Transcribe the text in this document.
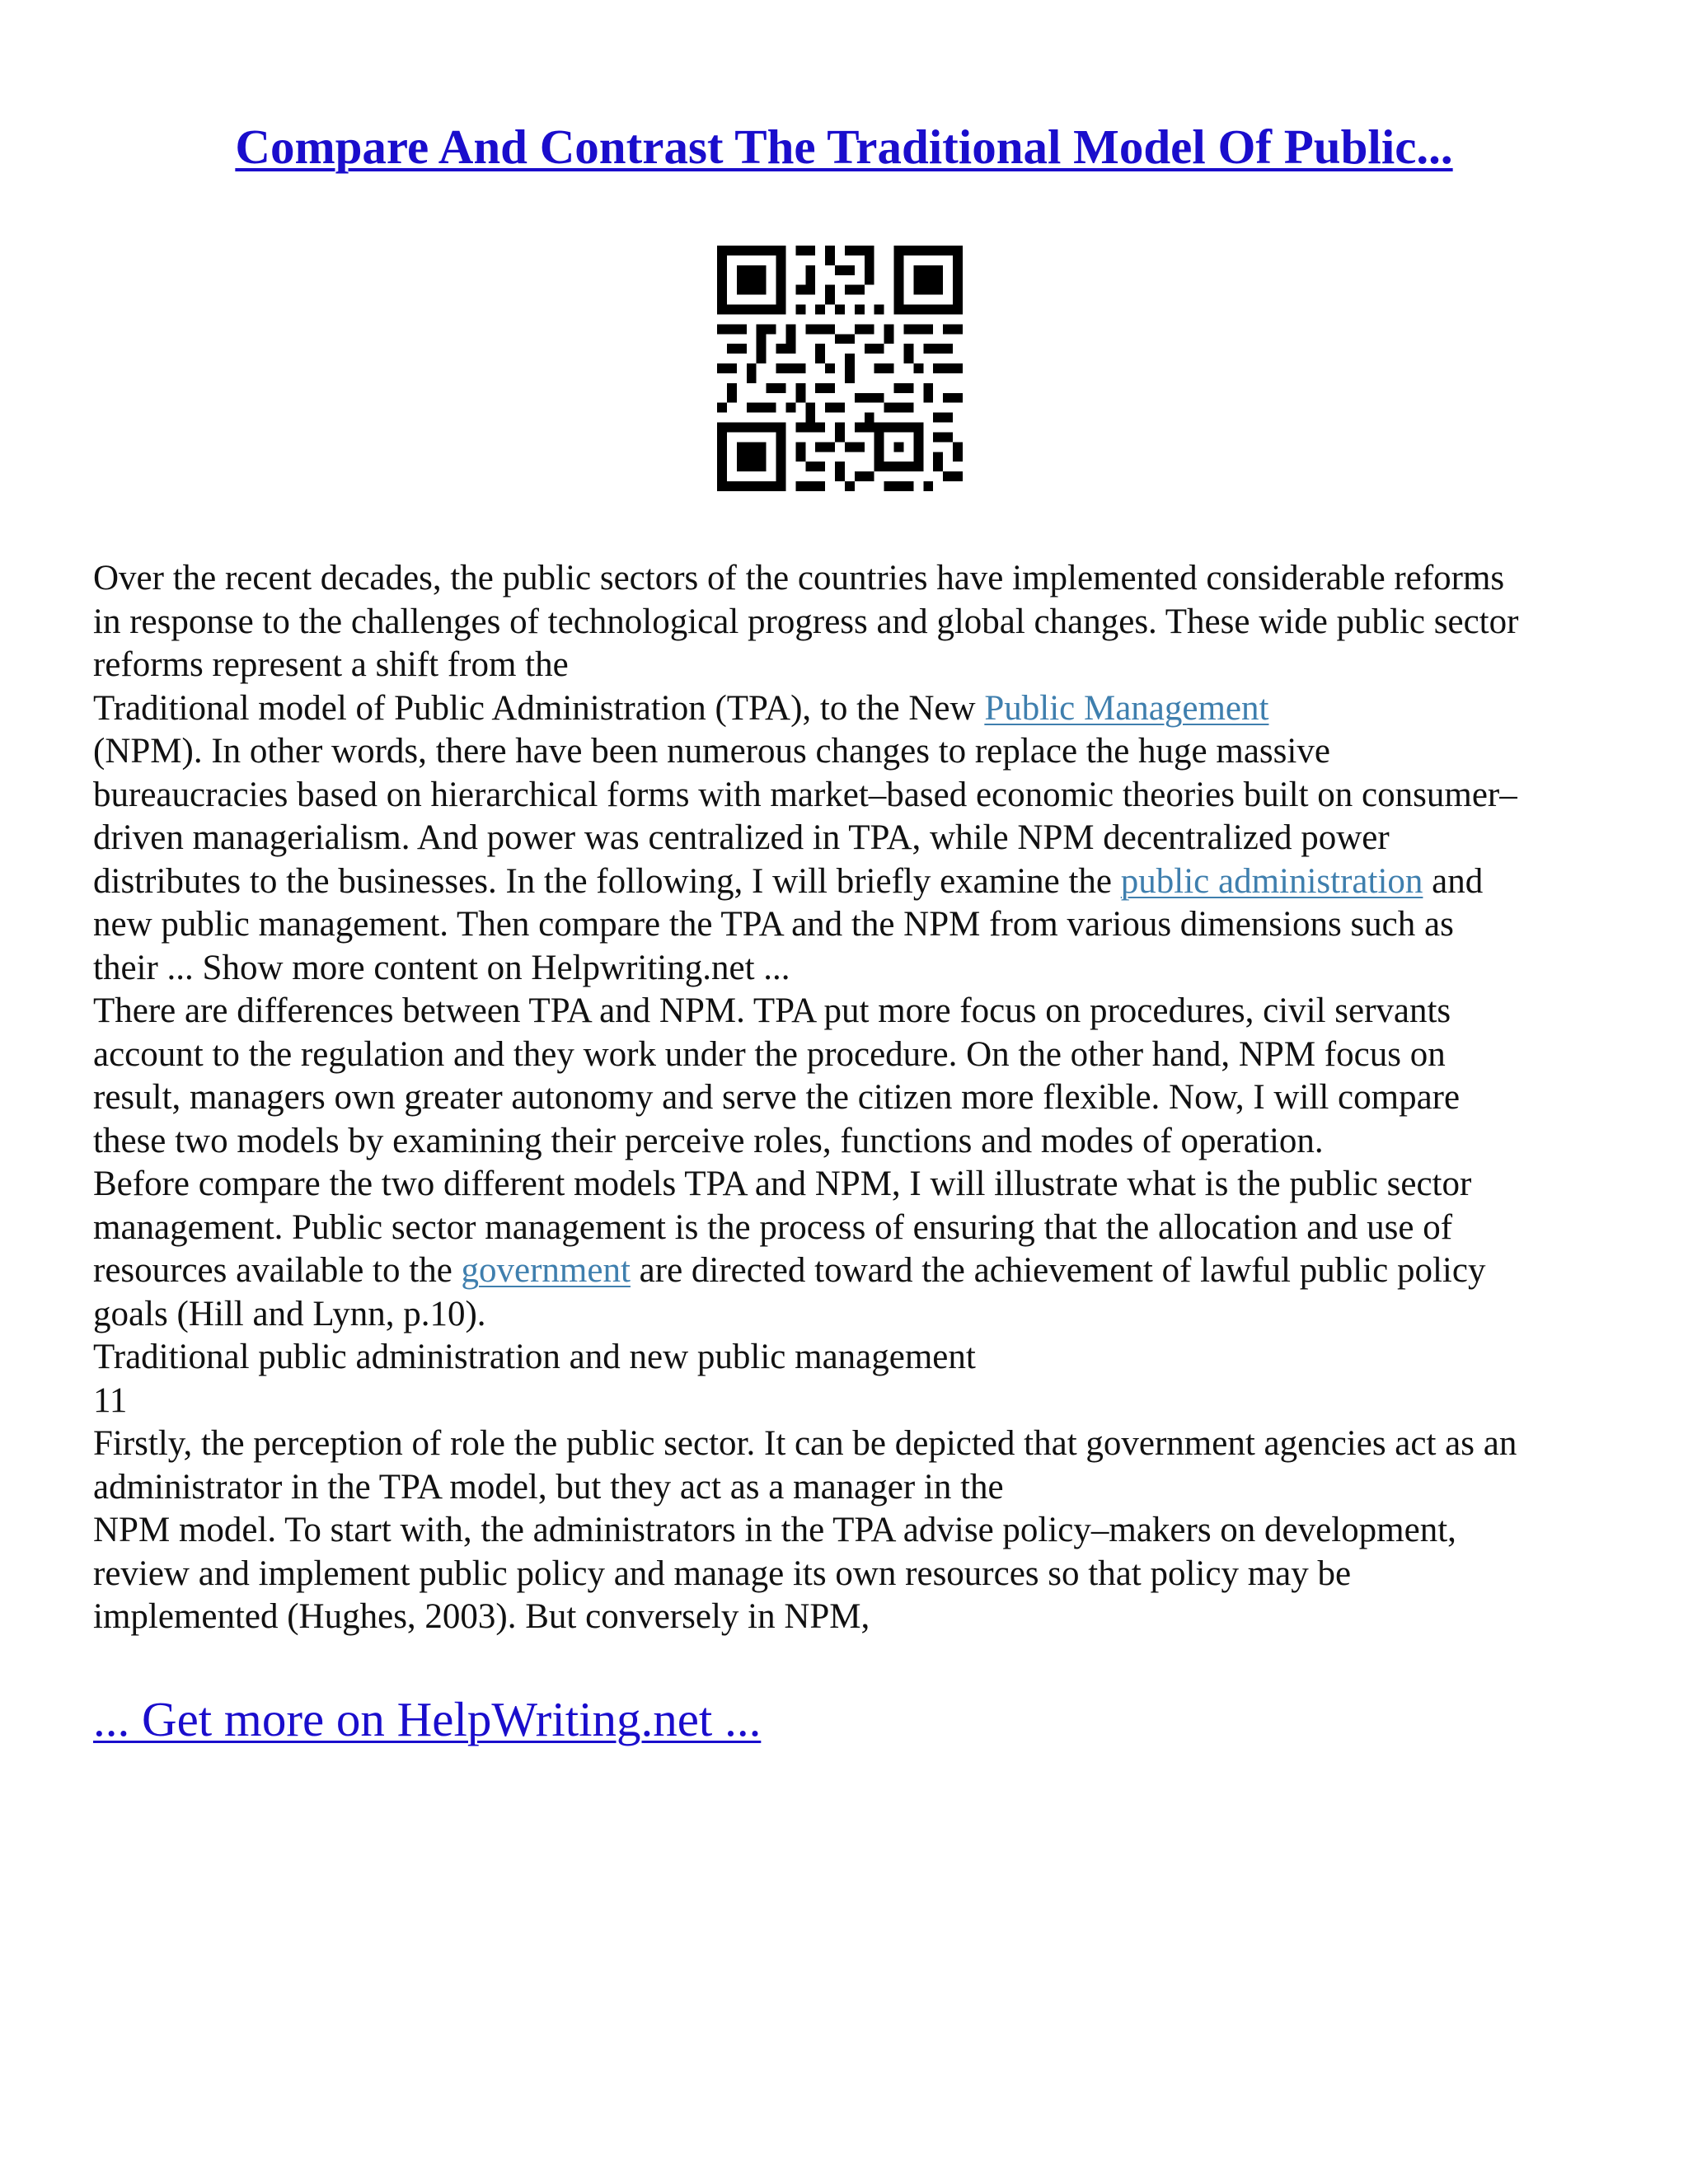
Compare And Contrast The Traditional Model Of Public...
Over the recent decades, the public sectors of the countries have implemented considerable reforms
in response to the challenges of technological progress and global changes. These wide public sector
reforms represent a shift from the
Traditional model of Public Administration (TPA), to the New Public Management
(NPM). In other words, there have been numerous changes to replace the huge massive
bureaucracies based on hierarchical forms with market–based economic theories built on consumer–
driven managerialism. And power was centralized in TPA, while NPM decentralized power
distributes to the businesses. In the following, I will briefly examine the public administration and
new public management. Then compare the TPA and the NPM from various dimensions such as
their ... Show more content on Helpwriting.net ...
There are differences between TPA and NPM. TPA put more focus on procedures, civil servants
account to the regulation and they work under the procedure. On the other hand, NPM focus on
result, managers own greater autonomy and serve the citizen more flexible. Now, I will compare
these two models by examining their perceive roles, functions and modes of operation.
Before compare the two different models TPA and NPM, I will illustrate what is the public sector
management. Public sector management is the process of ensuring that the allocation and use of
resources available to the government are directed toward the achievement of lawful public policy
goals (Hill and Lynn, p.10).
Traditional public administration and new public management
11
Firstly, the perception of role the public sector. It can be depicted that government agencies act as an
administrator in the TPA model, but they act as a manager in the
NPM model. To start with, the administrators in the TPA advise policy–makers on development,
review and implement public policy and manage its own resources so that policy may be
implemented (Hughes, 2003). But conversely in NPM,
... Get more on HelpWriting.net ...
